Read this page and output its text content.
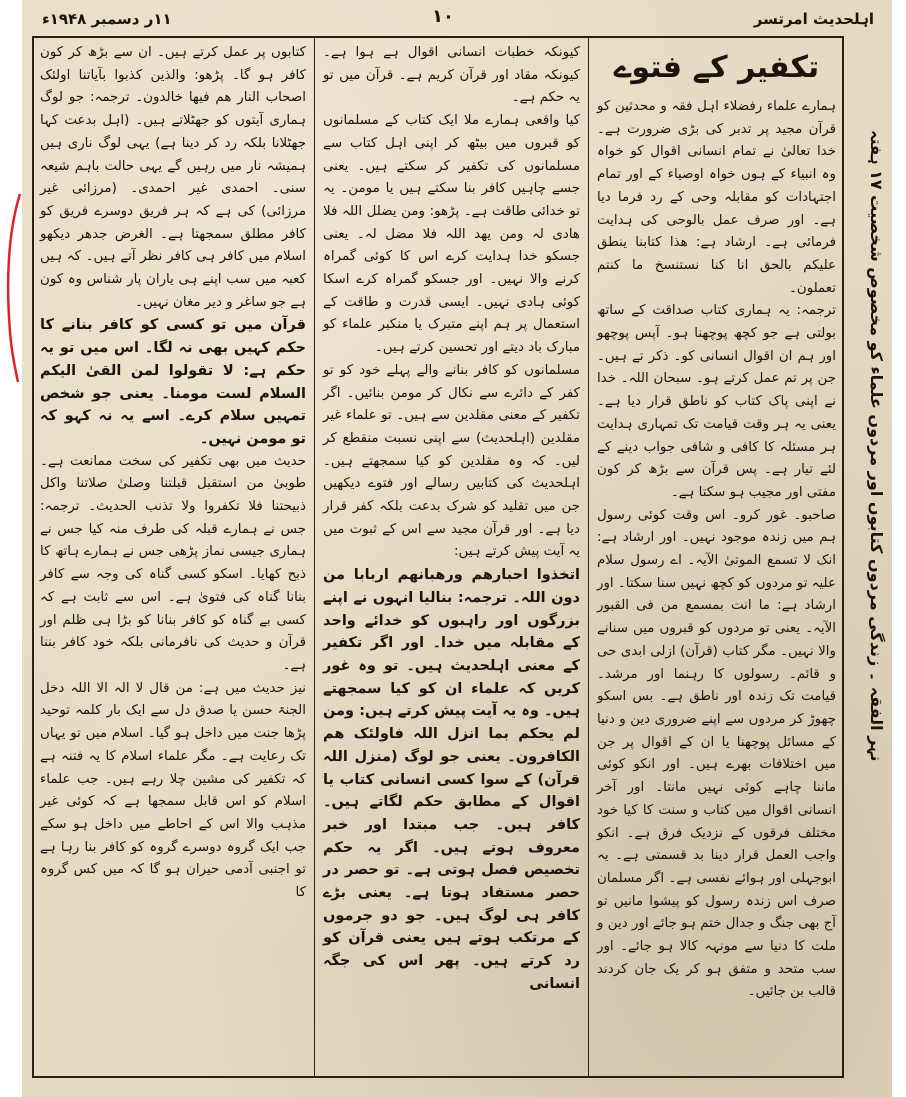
اہلحدیث امرتسر
۱۰
۱۱ر دسمبر ۱۹۴۸ء
تکفیر کے فتوے

ہمارے علماء رفضلاء اہل فقہ و محدثین کو قرآن مجید پر تدبر کی بڑی ضرورت ہے۔ خدا تعالیٰ نے تمام انسانی اقوال کو خواہ وہ انبیاء کے ہوں خواہ اوصیاء کے اور تمام اجتہادات کو مقابلہ وحی کے رد فرما دیا ہے۔ اور صرف عمل بالوحی کی ہدایت فرمائی ہے۔ ارشاد ہے: ھذا کتابنا ینطق علیکم بالحق انا کنا نستنسخ ما کنتم تعملون۔

ترجمہ: یہ ہماری کتاب صداقت کے ساتھ بولتی ہے جو کچھ پوچھنا ہو۔ آپس پوچھو اور ہم ان اقوال انسانی کو۔ ذکر تے ہیں۔ جن پر تم عمل کرتے ہو۔ سبحان اللہ۔ خدا نے اپنی پاک کتاب کو ناطق قرار دیا ہے۔ یعنی یہ ہر وقت قیامت تک تمہاری ہدایت ہر مسئلہ کا کافی و شافی جواب دینے کے لئے تیار ہے۔ پس قرآن سے بڑھ کر کون مفتی اور مجیب ہو سکتا ہے۔

صاحبو۔ غور کرو۔ اس وقت کوئی رسول ہم میں زندہ موجود نہیں۔ اور ارشاد ہے: انک لا تسمع الموتیٰ الآیہ۔ اے رسول سلام علیہ تو مردوں کو کچھ نہیں سنا سکتا۔ اور ارشاد ہے: ما انت بمسمع من فی القبور الآیہ۔ یعنی تو مردوں کو قبروں میں سنانے والا نہیں۔ مگر کتاب (قرآن) ازلی ابدی حی و قائم۔ رسولوں کا رہنما اور مرشد۔ قیامت تک زندہ اور ناطق ہے۔ بس اسکو چھوڑ کر مردوں سے اپنے ضروری دین و دنیا کے مسائل پوچھنا یا ان کے اقوال پر جن میں اختلافات بھرے ہیں۔ اور انکو کوئی ماننا چاہے کوئی نہیں مانتا۔ اور آخر انسانی اقوال میں کتاب و سنت کا کیا خود مختلف فرقوں کے نزدیک فرق ہے۔ انکو واجب العمل قرار دینا بد قسمتی ہے۔ یہ ابوجہلی اور ہوائے نفسی ہے۔ اگر مسلمان صرف اس زندہ رسول کو پیشوا مانیں تو آج بھی جنگ و جدال ختم ہو جائے اور دین و ملت کا دنیا سے مونہہ کالا ہو جائے۔ اور سب متحد و متفق ہو کر یک جان کردند قالب بن جائیں۔

کیونکہ خطبات انسانی اقوال ہے ہوا ہے۔ کیونکہ مقاد اور قرآن کریم ہے۔ قرآن میں تو یہ حکم ہے۔

کیا واقعی ہمارے ملا ایک کتاب کے مسلمانوں کو قبروں میں بیٹھ کر اپنی اہل کتاب سے مسلمانوں کی تکفیر کر سکتے ہیں۔ یعنی جسے چاہیں کافر بنا سکتے ہیں یا مومن۔ یہ تو خدائی طاقت ہے۔ پڑھو: ومن یضلل اللہ فلا ھادی لہ ومن یھد اللہ فلا مضل لہ۔ یعنی جسکو خدا ہدایت کرے اس کا کوئی گمراہ کرنے والا نہیں۔ اور جسکو گمراہ کرے اسکا کوئی ہادی نہیں۔ ایسی قدرت و طاقت کے استعمال پر ہم اپنے متبرک یا منکبر علماء کو مبارک باد دیتے اور تحسین کرتے ہیں۔

مسلمانوں کو کافر بنانے والے پہلے خود کو تو کفر کے دائرے سے نکال کر مومن بنائیں۔ اگر تکفیر کے معنی مقلدین سے ہیں۔ تو علماء غیر مقلدین (اہلحدیث) سے اپنی نسبت منقطع کر لیں۔ کہ وہ مقلدین کو کیا سمجھتے ہیں۔ اہلحدیث کی کتابیں رسالے اور فتوے دیکھیں جن میں تقلید کو شرک بدعت بلکہ کفر قرار دیا ہے۔ اور قرآن مجید سے اس کے ثبوت میں یہ آیت پیش کرتے ہیں:

اتخذوا احبارھم ورھبانھم اربابا من دون اللہ۔ ترجمہ: بنالیا انہوں نے اپنے بزرگوں اور راہبوں کو خدائے واحد کے مقابلہ میں خدا۔ اور اگر تکفیر کے معنی اہلحدیث ہیں۔ تو وہ غور کریں کہ علماء ان کو کیا سمجھتے ہیں۔ وہ یہ آیت پیش کرتے ہیں: ومن لم یحکم بما انزل اللہ فاولئک ھم الکافرون۔ یعنی جو لوگ (منزل اللہ قرآن) کے سوا کسی انسانی کتاب یا اقوال کے مطابق حکم لگاتے ہیں۔ کافر ہیں۔ جب مبتدا اور خبر معروف ہوتے ہیں۔ اگر یہ حکم تخصیص فصل ہوتی ہے۔ تو حصر در حصر مستفاد ہوتا ہے۔ یعنی بڑے کافر ہی لوگ ہیں۔ جو دو جرموں کے مرتکب ہوتے ہیں یعنی قرآن کو رد کرتے ہیں۔ پھر اس کی جگہ انسانی

کتابوں پر عمل کرتے ہیں۔ ان سے بڑھ کر کون کافر ہو گا۔ پڑھو: والذین کذبوا بآیاتنا اولئک اصحاب النار ھم فیھا خالدون۔ ترجمہ: جو لوگ ہماری آیتوں کو جھٹلاتے ہیں۔ (اہل بدعت کہا جھٹلانا بلکہ رد کر دینا ہے) یہی لوگ ناری ہیں ہمیشہ نار میں رہیں گے یہی حالت باہم شیعہ سنی۔ احمدی غیر احمدی۔ (مرزائی غیر مرزائی) کی ہے کہ ہر فریق دوسرے فریق کو کافر مطلق سمجھتا ہے۔ الغرض جدھر دیکھو اسلام میں کافر ہی کافر نظر آتے ہیں۔ کہ ہیں کعبہ میں سب اپنے ہی یاران پار شناس وہ کون ہے جو ساغر و دیر مغان نہیں۔

قرآن میں تو کسی کو کافر بنانے کا حکم کہیں بھی نہ لگا۔ اس میں تو یہ حکم ہے: لا تقولوا لمن القیٰ الیکم السلام لست مومنا۔ یعنی جو شخص تمہیں سلام کرے۔ اسے یہ نہ کہو کہ تو مومن نہیں۔

حدیث میں بھی تکفیر کی سخت ممانعت ہے۔ طوبیٰ من استقبل قبلتنا وصلیٰ صلاتنا واکل ذبیحتنا فلا تکفروا ولا تذنب الحدیث۔ ترجمہ: جس نے ہمارے قبلہ کی طرف منہ کیا جس نے ہماری جیسی نماز پڑھی جس نے ہمارے ہاتھ کا ذبح کھایا۔ اسکو کسی گناہ کی وجہ سے کافر بنانا گناہ کی فتویٰ ہے۔ اس سے ثابت ہے کہ کسی بے گناہ کو کافر بنانا کو بڑا ہی ظلم اور قرآن و حدیث کی نافرمانی بلکہ خود کافر بننا ہے۔

نیز حدیث میں ہے: من قال لا الہ الا اللہ دخل الجنۃ حسن یا صدق دل سے ایک بار کلمہ توحید پڑھا جنت میں داخل ہو گیا۔ اسلام میں تو یہاں تک رعایت ہے۔ مگر علماء اسلام کا یہ فتنہ ہے کہ تکفیر کی مشین چلا رہے ہیں۔ جب علماء اسلام کو اس قابل سمجھا ہے کہ کوئی غیر مذہب والا اس کے احاطے میں داخل ہو سکے جب ایک گروہ دوسرے گروہ کو کافر بنا رہا ہے تو اجنبی آدمی حیران ہو گا کہ میں کس گروہ کا

نہر الفقہ ۔ زندگی مردوں کتابوں اور مردوں علماء کو مخصوص شخصیت ۱۷ ہفتہ
